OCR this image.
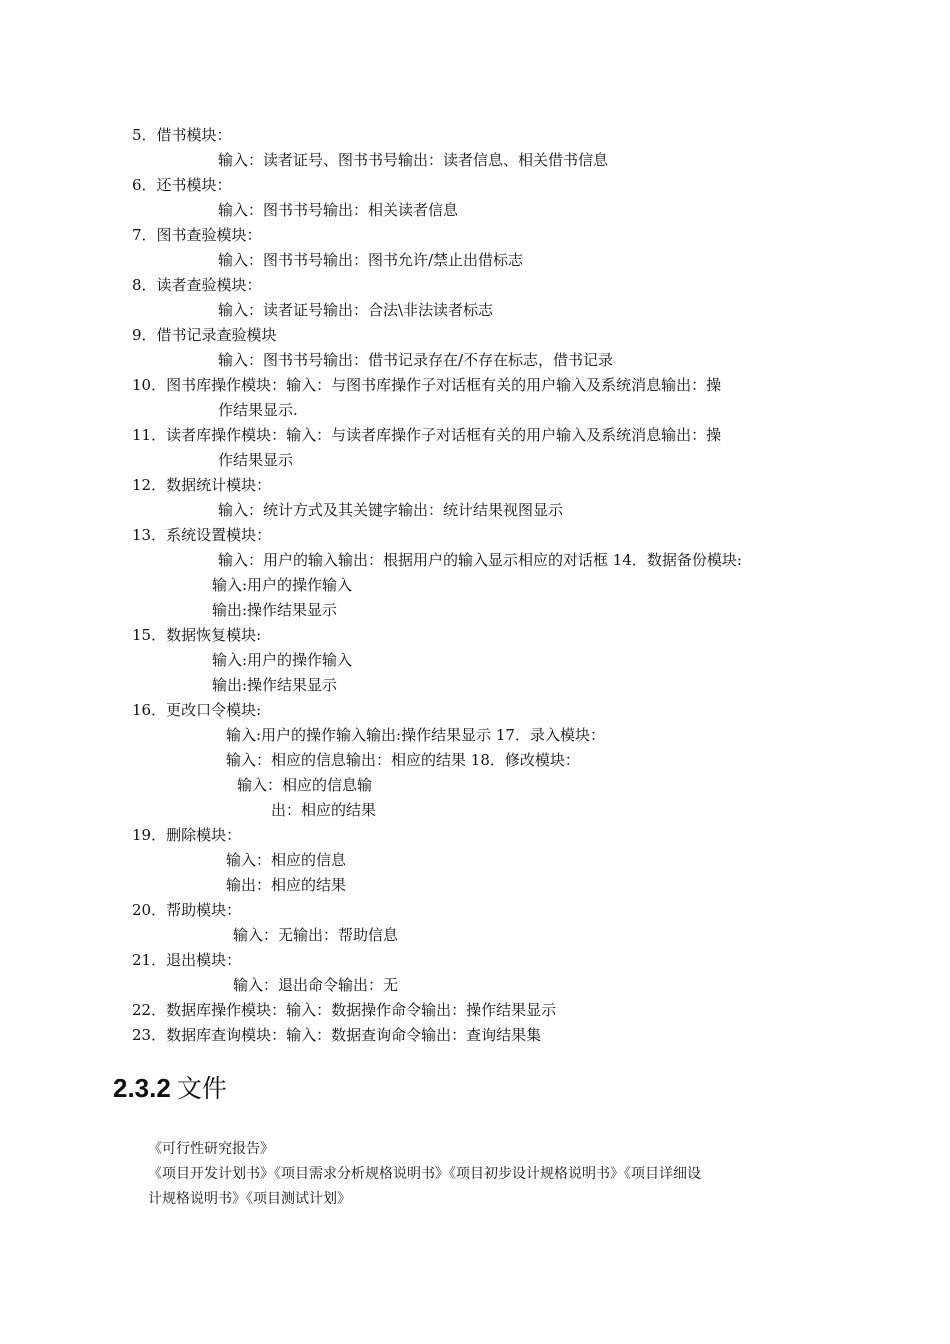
5．借书模块：
输入：读者证号、图书书号输出：读者信息、相关借书信息
6．还书模块：
输入：图书书号输出：相关读者信息
7．图书查验模块：
输入：图书书号输出：图书允许/禁止出借标志
8．读者查验模块：
输入：读者证号输出：合法\非法读者标志
9．借书记录查验模块
输入：图书书号输出：借书记录存在/不存在标志，借书记录
10．图书库操作模块：输入：与图书库操作子对话框有关的用户输入及系统消息输出：操
作结果显示.
11．读者库操作模块：输入：与读者库操作子对话框有关的用户输入及系统消息输出：操
作结果显示
12．数据统计模块：
输入：统计方式及其关键字输出：统计结果视图显示
13．系统设置模块：
输入：用户的输入输出：根据用户的输入显示相应的对话框 14．数据备份模块:
输入:用户的操作输入
输出:操作结果显示
15．数据恢复模块:
输入:用户的操作输入
输出:操作结果显示
16．更改口令模块:
输入:用户的操作输入输出:操作结果显示 17．录入模块：
输入：相应的信息输出：相应的结果 18．修改模块：
输入：相应的信息输
出：相应的结果
19．删除模块：
输入：相应的信息
输出：相应的结果
20．帮助模块：
输入：无输出：帮助信息
21．退出模块：
输入：退出命令输出：无
22．数据库操作模块：输入：数据操作命令输出：操作结果显示
23．数据库查询模块：输入：数据查询命令输出：查询结果集
2.3.2 文件
《可行性研究报告》
《项目开发计划书》《项目需求分析规格说明书》《项目初步设计规格说明书》《项目详细设
计规格说明书》《项目测试计划》
